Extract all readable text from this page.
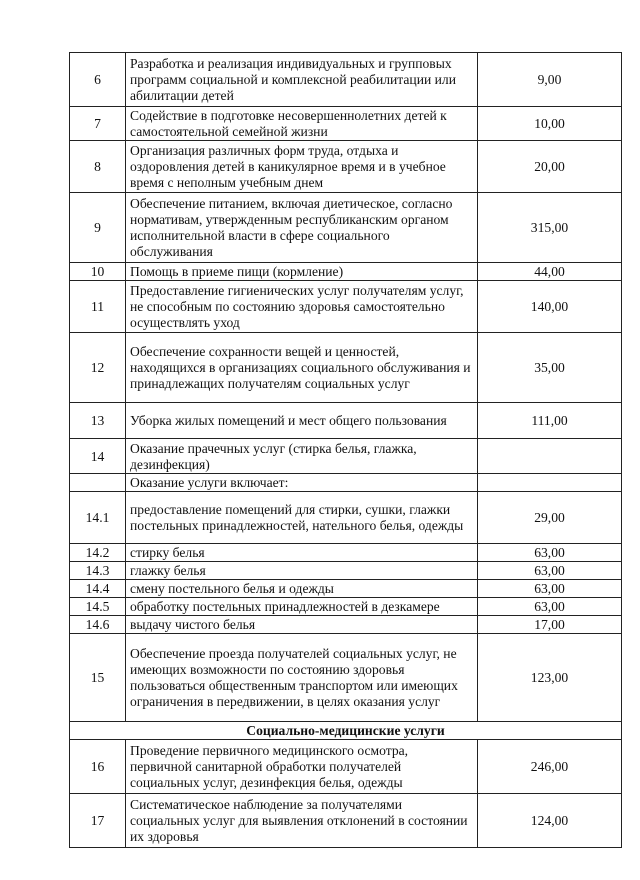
6	Разработка и реализация индивидуальных и групповых программ социальной и комплексной реабилитации или абилитации детей	9,00
7	Содействие в подготовке несовершеннолетних детей к самостоятельной семейной жизни	10,00
8	Организация различных форм труда, отдыха и оздоровления детей в каникулярное время и в учебное время с неполным учебным днем	20,00
9	Обеспечение питанием, включая диетическое, согласно нормативам, утвержденным республиканским органом исполнительной власти в сфере социального обслуживания	315,00
10	Помощь в приеме пищи (кормление)	44,00
11	Предоставление гигиенических услуг получателям услуг, не способным по состоянию здоровья самостоятельно осуществлять уход	140,00
12	Обеспечение сохранности вещей и ценностей, находящихся в организациях социального обслуживания и принадлежащих получателям социальных услуг	35,00
13	Уборка жилых помещений и мест общего пользования	111,00
14	Оказание прачечных услуг (стирка белья, глажка, дезинфекция)	
	Оказание услуги включает:	
14.1	предоставление помещений для стирки, сушки, глажки постельных принадлежностей, нательного белья, одежды	29,00
14.2	стирку белья	63,00
14.3	глажку белья	63,00
14.4	смену постельного белья и одежды	63,00
14.5	обработку постельных принадлежностей в дезкамере	63,00
14.6	выдачу чистого белья	17,00
15	Обеспечение проезда получателей социальных услуг, не имеющих возможности по состоянию здоровья пользоваться общественным транспортом или имеющих ограничения в передвижении, в целях оказания услуг	123,00
Социально-медицинские услуги		
16	Проведение первичного медицинского осмотра, первичной санитарной обработки получателей социальных услуг, дезинфекция белья, одежды	246,00
17	Систематическое наблюдение за получателями социальных услуг для выявления отклонений в состоянии их здоровья	124,00
